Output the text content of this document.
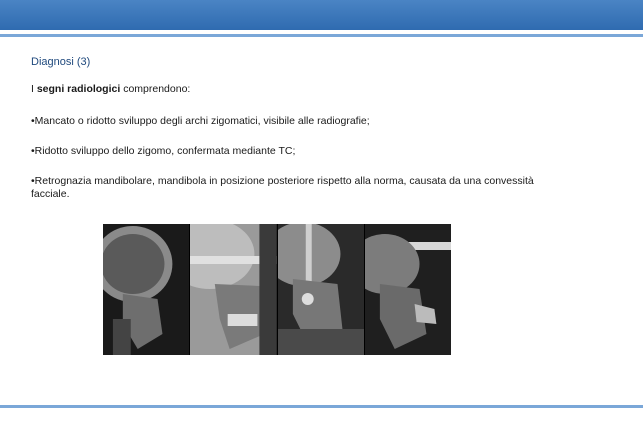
Diagnosi (3)
I segni radiologici comprendono:
•Mancato o ridotto sviluppo degli archi zigomatici, visibile alle radiografie;
•Ridotto sviluppo dello zigomo, confermata mediante TC;
•Retrognazia mandibolare, mandibola in posizione posteriore rispetto alla norma, causata da una convessità facciale.
